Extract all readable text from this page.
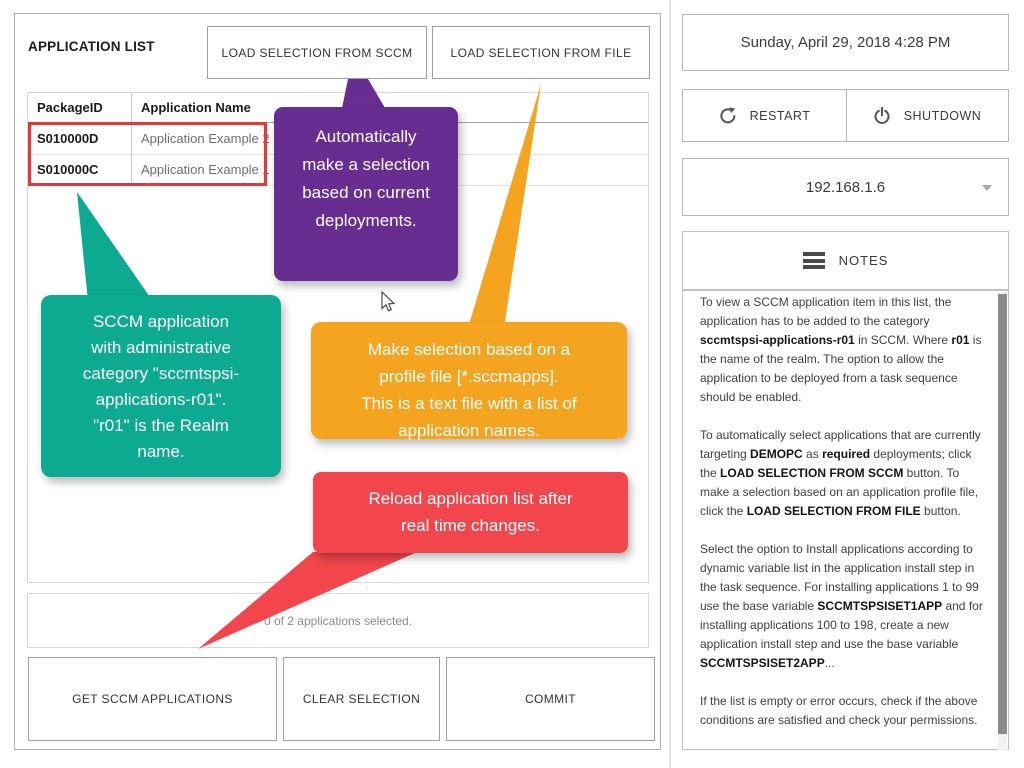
APPLICATION LIST	LOAD SELECTION FROM SCCM	LOAD SELECTION FROM FILE
PackageID	Application Name
S010000D	Application Example 2
S010000C	Application Example 1
0 of 2 applications selected.
GET SCCM APPLICATIONS	CLEAR SELECTION	COMMIT
Sunday, April 29, 2018 4:28 PM
RESTART	SHUTDOWN
192.168.1.6
NOTES

To view a SCCM application item in this list, the application has to be added to the category sccmtspsi-applications-r01 in SCCM. Where r01 is the name of the realm. The option to allow the application to be deployed from a task sequence should be enabled.

To automatically select applications that are currently targeting DEMOPC as required deployments; click the LOAD SELECTION FROM SCCM button. To make a selection based on an application profile file, click the LOAD SELECTION FROM FILE button.

Select the option to Install applications according to dynamic variable list in the application install step in the task sequence. For installing applications 1 to 99 use the base variable SCCMTSPSISET1APP and for installing applications 100 to 198, create a new application install step and use the base variable SCCMTSPSISET2APP...

If the list is empty or error occurs, check if the above conditions are satisfied and check your permissions.

Automatically make a selection based on current deployments.
SCCM application with administrative category "sccmtspsi-applications-r01". "r01" is the Realm name.
Make selection based on a profile file [*.sccmapps]. This is a text file with a list of application names.
Reload application list after real time changes.
